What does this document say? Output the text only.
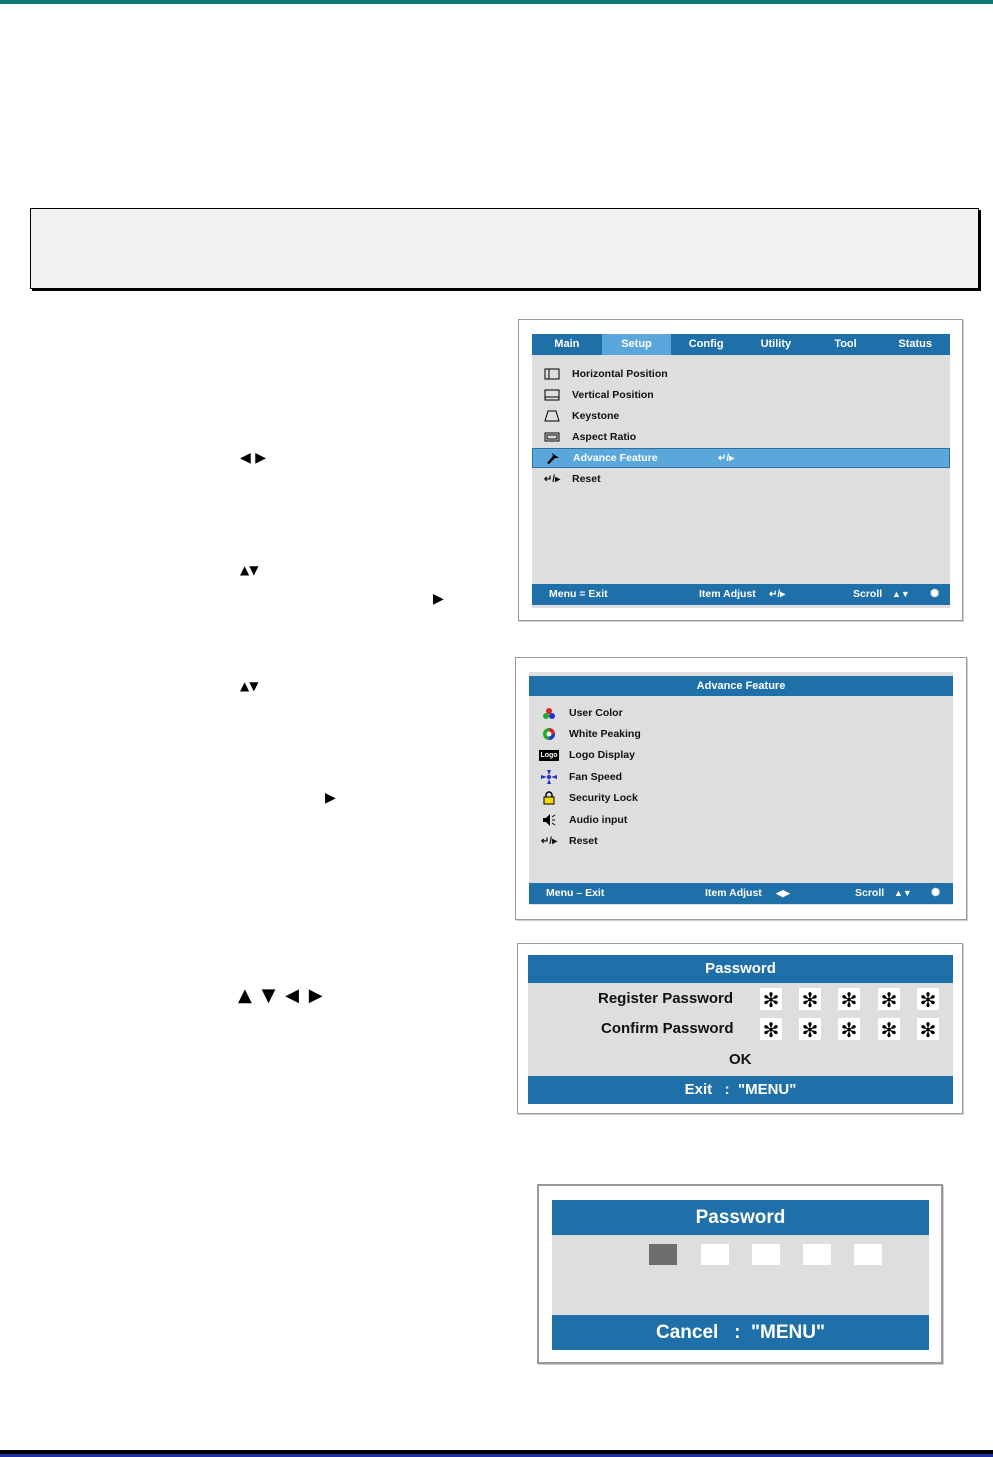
◀ ▶
▲▼
▶
▲▼
▶
▲ ▼ ◀ ▶
Main	Setup	Config	Utility	Tool	Status
Horizontal Position
Vertical Position
Keystone
Aspect Ratio
Advance Feature	↵/▸
↵/▸	Reset
Menu = Exit	Item Adjust ↵/▸	Scroll ▲▼ ✺
Advance Feature
User Color
White Peaking
Logo Logo Display
Fan Speed
Security Lock
Audio input
↵/▸	Reset
Menu – Exit	Item Adjust ◀▶	Scroll ▲▼ ✺
Password
Register Password ✻ ✻ ✻ ✻ ✻
Confirm Password ✻ ✻ ✻ ✻ ✻
OK
Exit   :  "MENU"
Password
Cancel   :  "MENU"
